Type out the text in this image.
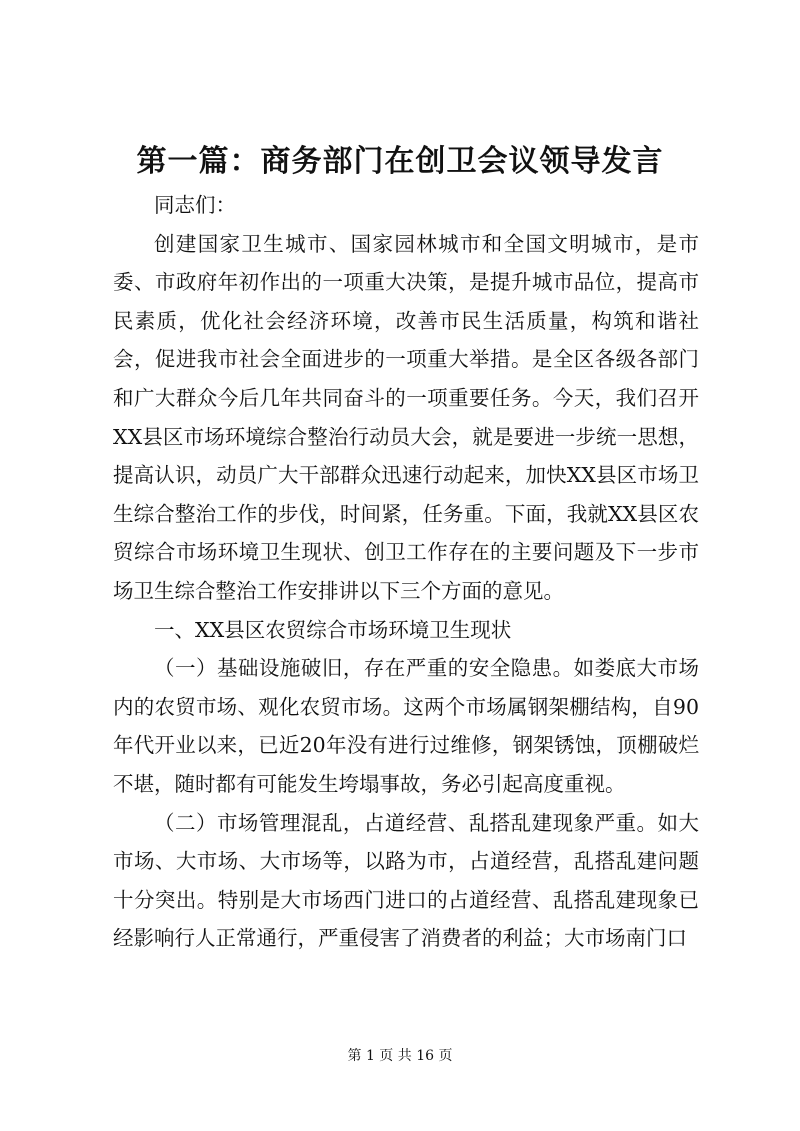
第一篇：商务部门在创卫会议领导发言

同志们：

创建国家卫生城市、国家园林城市和全国文明城市，是市委、市政府年初作出的一项重大决策，是提升城市品位，提高市民素质，优化社会经济环境，改善市民生活质量，构筑和谐社会，促进我市社会全面进步的一项重大举措。是全区各级各部门和广大群众今后几年共同奋斗的一项重要任务。今天，我们召开XX县区市场环境综合整治行动员大会，就是要进一步统一思想，提高认识，动员广大干部群众迅速行动起来，加快XX县区市场卫生综合整治工作的步伐，时间紧，任务重。下面，我就XX县区农贸综合市场环境卫生现状、创卫工作存在的主要问题及下一步市场卫生综合整治工作安排讲以下三个方面的意见。

一、XX县区农贸综合市场环境卫生现状

（一）基础设施破旧，存在严重的安全隐患。如娄底大市场内的农贸市场、观化农贸市场。这两个市场属钢架棚结构，自90年代开业以来，已近20年没有进行过维修，钢架锈蚀，顶棚破烂不堪，随时都有可能发生垮塌事故，务必引起高度重视。

（二）市场管理混乱，占道经营、乱搭乱建现象严重。如大市场、大市场、大市场等，以路为市，占道经营，乱搭乱建问题十分突出。特别是大市场西门进口的占道经营、乱搭乱建现象已经影响行人正常通行，严重侵害了消费者的利益；大市场南门口

第 1 页 共 16 页
